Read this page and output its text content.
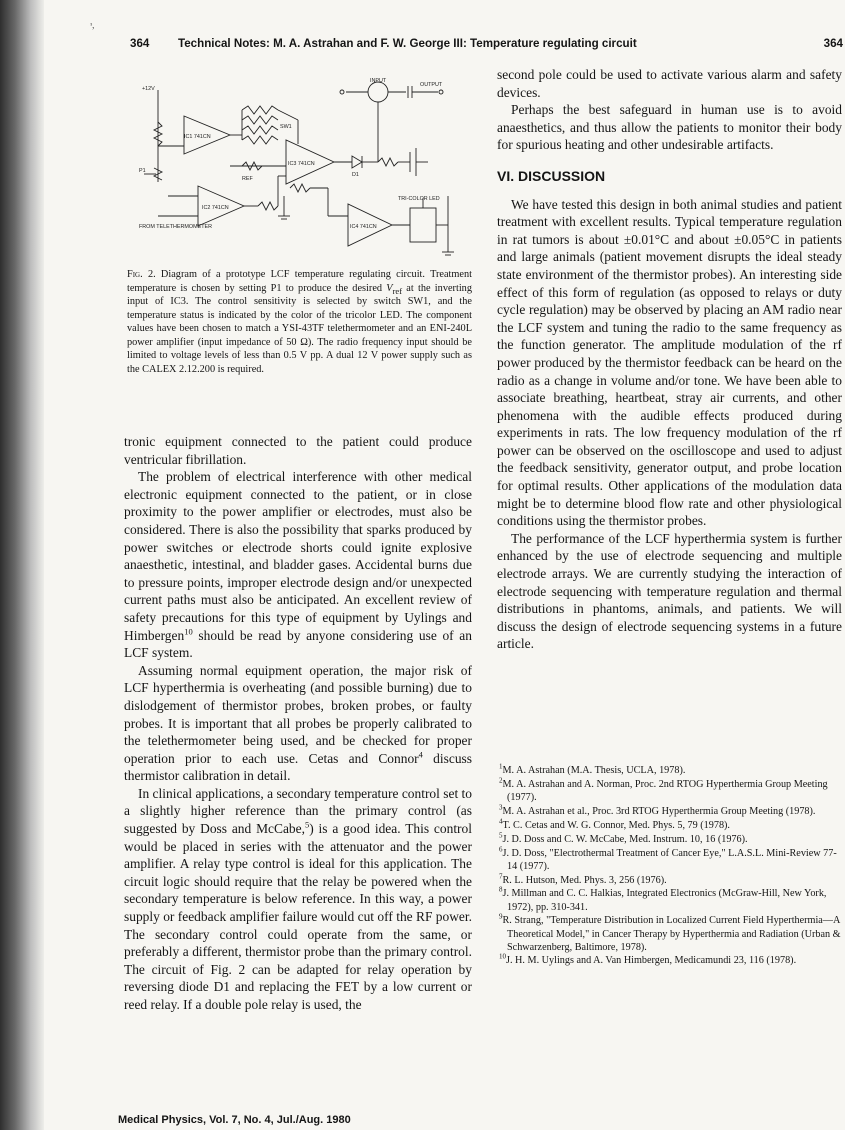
ᵌ,
364 Technical Notes: M. A. Astrahan and F. W. George III: Temperature regulating circuit	364
INPUT
OUTPUT
+12V
IC1 741CN
IC2 741CN
IC3 741CN
IC4 741CN
SW1
D1
TRI-COLOR LED
P1
REF
FROM TELETHERMOMETER
Fig. 2. Diagram of a prototype LCF temperature regulating circuit. Treatment temperature is chosen by setting P1 to produce the desired $V_{ref}$ at the inverting input of IC3. The control sensitivity is selected by switch SW1, and the temperature status is indicated by the color of the tricolor LED. The component values have been chosen to match a YSI-43TF telethermometer and an ENI-240L power amplifier (input impedance of 50 Ω). The radio frequency input should be limited to voltage levels of less than 0.5 V pp. A dual 12 V power supply such as the CALEX 2.12.200 is required.

tronic equipment connected to the patient could produce ventricular fibrillation.

The problem of electrical interference with other medical electronic equipment connected to the patient, or in close proximity to the power amplifier or electrodes, must also be considered. There is also the possibility that sparks produced by power switches or electrode shorts could ignite explosive anaesthetic, intestinal, and bladder gases. Accidental burns due to pressure points, improper electrode design and/or unexpected current paths must also be anticipated. An excellent review of safety precautions for this type of equipment by Uylings and Himbergen$^{10}$ should be read by anyone considering use of an LCF system.

Assuming normal equipment operation, the major risk of LCF hyperthermia is overheating (and possible burning) due to dislodgement of thermistor probes, broken probes, or faulty probes. It is important that all probes be properly calibrated to the telethermometer being used, and be checked for proper operation prior to each use. Cetas and Connor$^4$ discuss thermistor calibration in detail.

In clinical applications, a secondary temperature control set to a slightly higher reference than the primary control (as suggested by Doss and McCabe,$^5$) is a good idea. This control would be placed in series with the attenuator and the power amplifier. A relay type control is ideal for this application. The circuit logic should require that the relay be powered when the secondary temperature is below reference. In this way, a power supply or feedback amplifier failure would cut off the RF power. The secondary control could operate from the same, or preferably a different, thermistor probe than the primary control. The circuit of Fig. 2 can be adapted for relay operation by reversing diode D1 and replacing the FET by a low current or reed relay. If a double pole relay is used, the

second pole could be used to activate various alarm and safety devices.

Perhaps the best safeguard in human use is to avoid anaesthetics, and thus allow the patients to monitor their body for spurious heating and other undesirable artifacts.

VI. DISCUSSION

We have tested this design in both animal studies and patient treatment with excellent results. Typical temperature regulation in rat tumors is about ±0.01°C and about ±0.05°C in patients and large animals (patient movement disrupts the ideal steady state environment of the thermistor probes). An interesting side effect of this form of regulation (as opposed to relays or duty cycle regulation) may be observed by placing an AM radio near the LCF system and tuning the radio to the same frequency as the function generator. The amplitude modulation of the rf power produced by the thermistor feedback can be heard on the radio as a change in volume and/or tone. We have been able to associate breathing, heartbeat, stray air currents, and other phenomena with the audible effects produced during experiments in rats. The low frequency modulation of the rf power can be observed on the oscilloscope and used to adjust the feedback sensitivity, generator output, and probe location for optimal results. Other applications of the modulation data might be to determine blood flow rate and other physiological conditions using the thermistor probes.

The performance of the LCF hyperthermia system is further enhanced by the use of electrode sequencing and multiple electrode arrays. We are currently studying the interaction of electrode sequencing with temperature regulation and thermal distributions in phantoms, animals, and patients. We will discuss the design of electrode sequencing systems in a future article.

$^1$M. A. Astrahan (M.A. Thesis, UCLA, 1978).
$^2$M. A. Astrahan and A. Norman, Proc. 2nd RTOG Hyperthermia Group Meeting (1977).
$^3$M. A. Astrahan et al., Proc. 3rd RTOG Hyperthermia Group Meeting (1978).
$^4$T. C. Cetas and W. G. Connor, Med. Phys. 5, 79 (1978).
$^5$J. D. Doss and C. W. McCabe, Med. Instrum. 10, 16 (1976).
$^6$J. D. Doss, "Electrothermal Treatment of Cancer Eye," L.A.S.L. Mini-Review 77-14 (1977).
$^7$R. L. Hutson, Med. Phys. 3, 256 (1976).
$^8$J. Millman and C. C. Halkias, Integrated Electronics (McGraw-Hill, New York, 1972), pp. 310-341.
$^9$R. Strang, "Temperature Distribution in Localized Current Field Hyperthermia—A Theoretical Model," in Cancer Therapy by Hyperthermia and Radiation (Urban & Schwarzenberg, Baltimore, 1978).
$^{10}$J. H. M. Uylings and A. Van Himbergen, Medicamundi 23, 116 (1978).
Medical Physics, Vol. 7, No. 4, Jul./Aug. 1980
